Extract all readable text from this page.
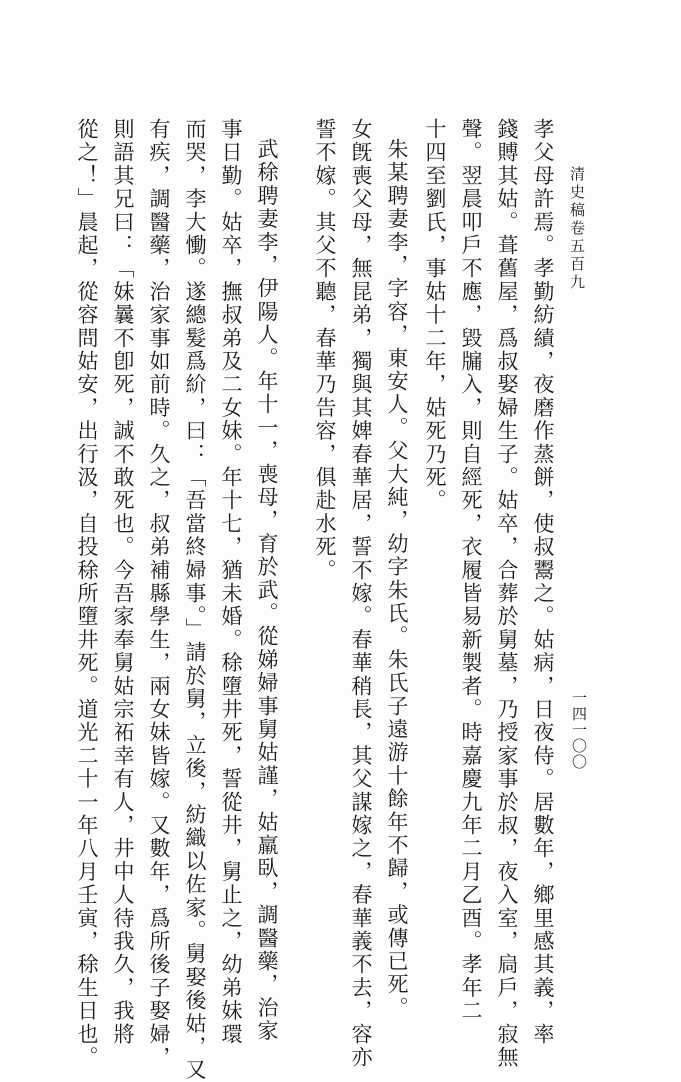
清史稿卷五百九
一四一〇〇
孝父母許焉。孝勤紡績，夜磨作蒸餅，使叔鬻之。姑病，日夜侍。居數年，鄉里感其義，率
錢賻其姑。葺舊屋，爲叔娶婦生子。姑卒，合葬於舅墓，乃授家事於叔，夜入室，扃戶，寂無
聲。翌晨叩戶不應，毀牖入，則自經死，衣履皆易新製者。時嘉慶九年二月乙酉。孝年二
十四至劉氏，事姑十二年，姑死乃死。
朱某聘妻李，字容，東安人。父大純，幼字朱氏。朱氏子遠游十餘年不歸，或傳已死。
女旣喪父母，無昆弟，獨與其婢春華居，誓不嫁。春華稍長，其父謀嫁之，春華義不去，容亦
誓不嫁。其父不聽，春華乃告容，俱赴水死。
武稌聘妻李，伊陽人。年十一，喪母，育於武。從娣婦事舅姑謹，姑羸臥，調醫藥，治家
事日勤。姑卒，撫叔弟及二女妹。年十七，猶未婚。稌墮井死，誓從井，舅止之，幼弟妹環
而哭，李大慟。遂總髮爲紒，曰：「吾當終婦事。」請於舅，立後，紡織以佐家。舅娶後姑，又
有疾，調醫藥，治家事如前時。久之，叔弟補縣學生，兩女妹皆嫁。又數年，爲所後子娶婦，
則語其兄曰：「妹曩不卽死，誠不敢死也。今吾家奉舅姑宗祏幸有人，井中人待我久，我將
從之！」晨起，從容問姑安，出行汲，自投稌所墮井死。道光二十一年八月壬寅，稌生日也。
